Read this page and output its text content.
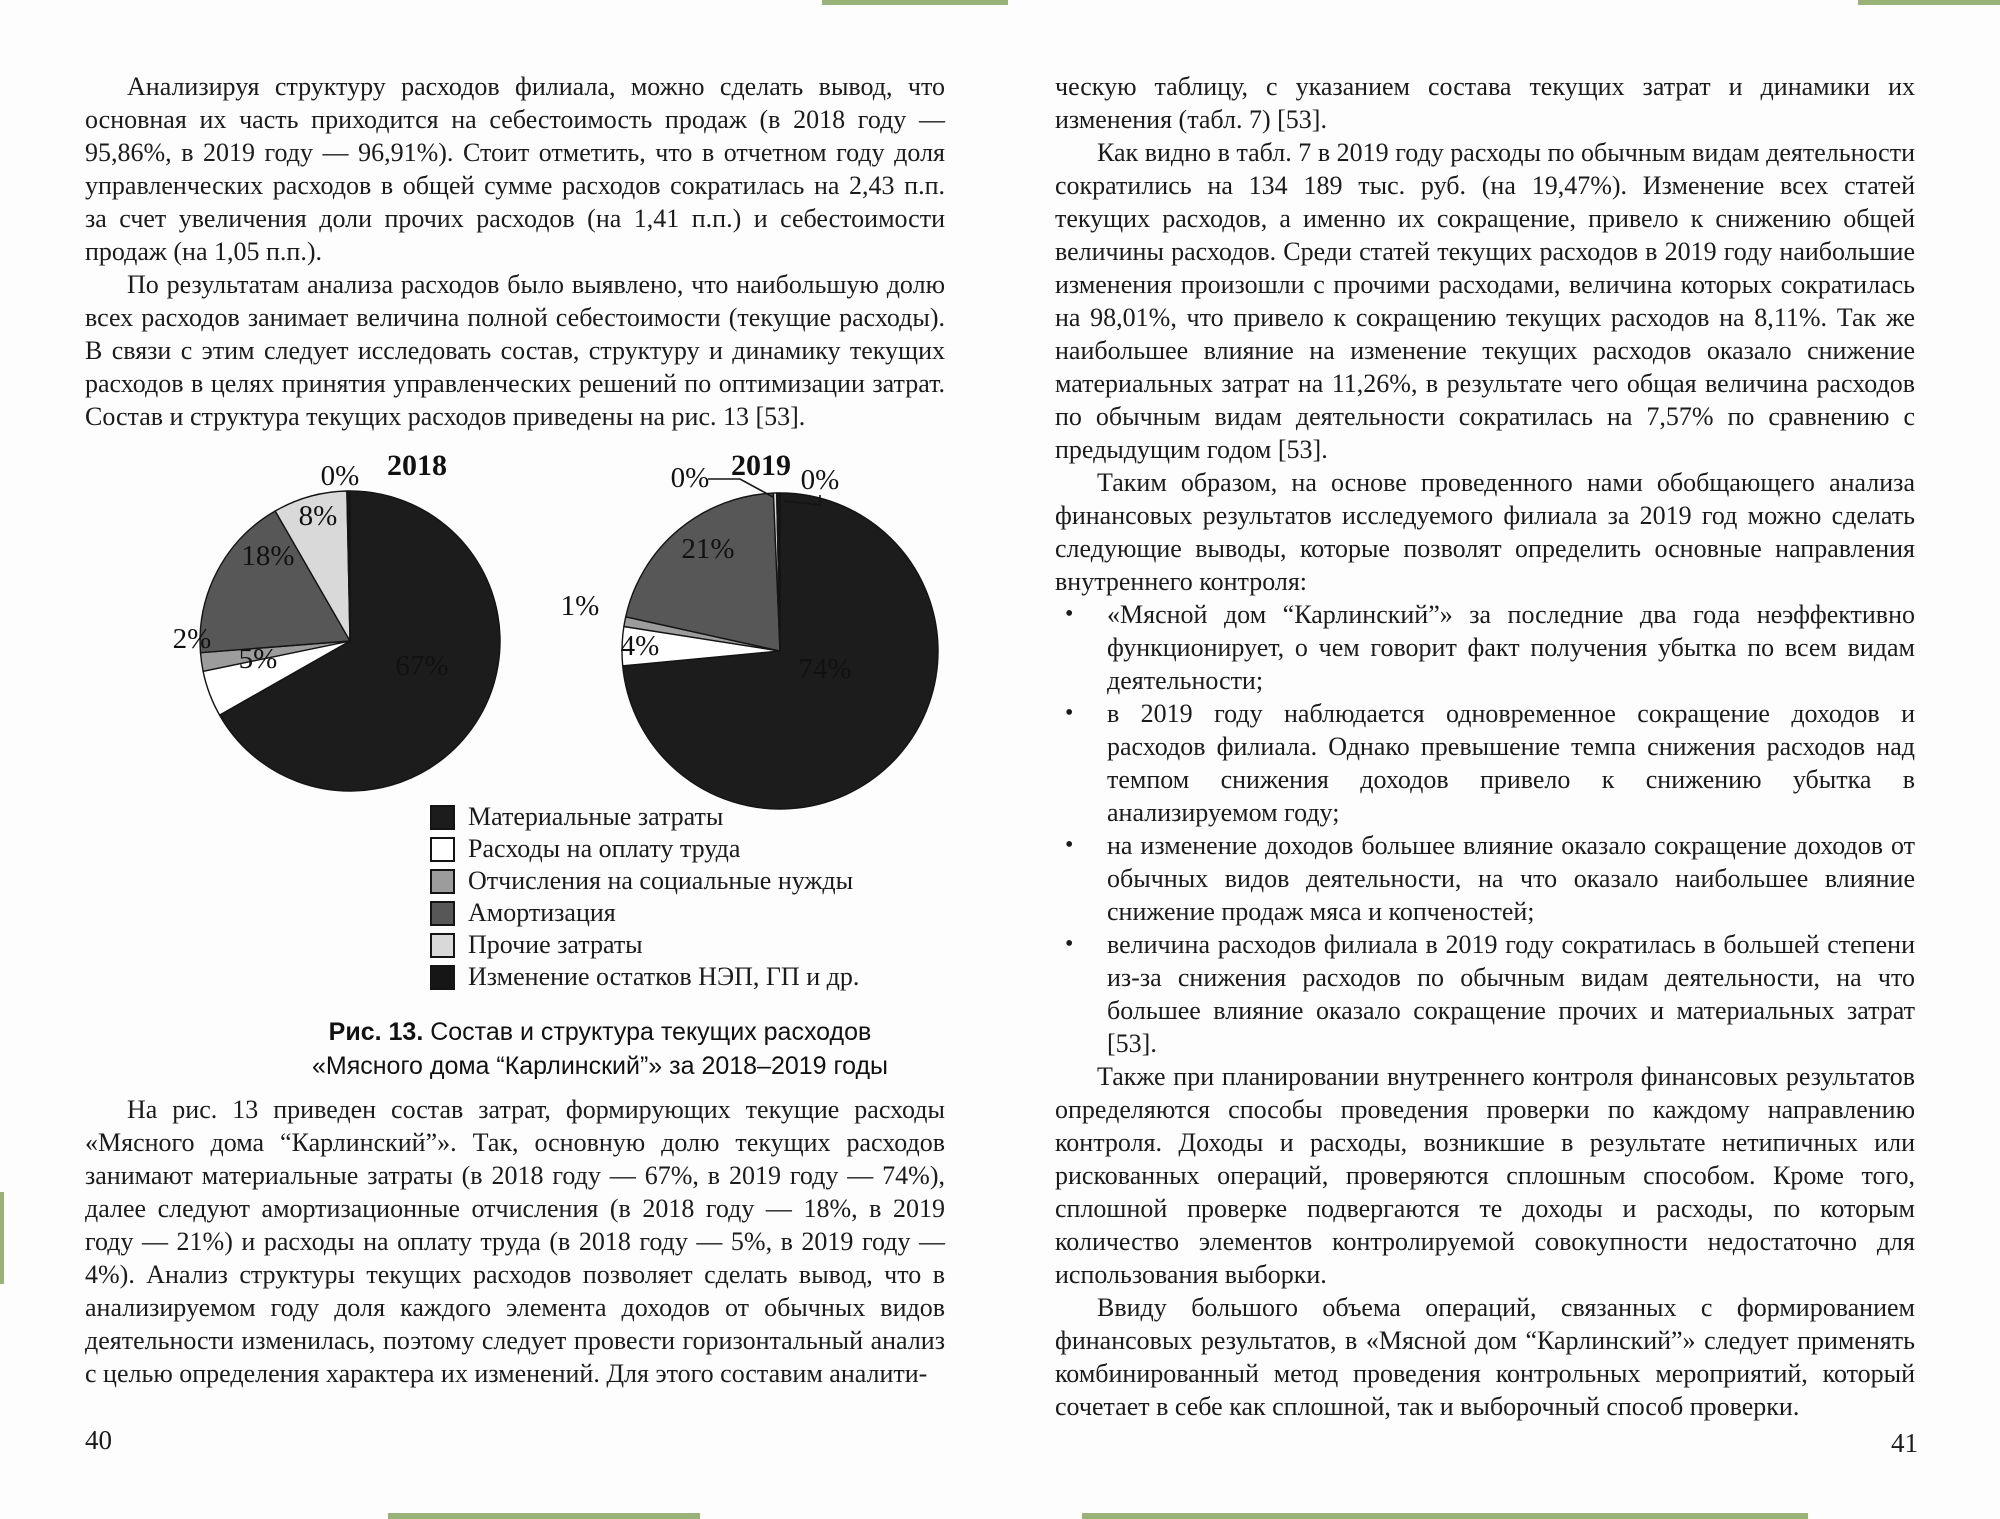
Анализируя структуру расходов филиала, можно сделать вывод, что основная их часть приходится на себестоимость продаж (в 2018 году — 95,86%, в 2019 году — 96,91%). Стоит отметить, что в отчетном году доля управленческих расходов в общей сумме расходов сократилась на 2,43 п.п. за счет увеличения доли прочих расходов (на 1,41 п.п.) и себестоимости продаж (на 1,05 п.п.).

По результатам анализа расходов было выявлено, что наибольшую долю всех расходов занимает величина полной себестоимости (текущие расходы). В связи с этим следует исследовать состав, структуру и динамику текущих расходов в целях принятия управленческих решений по оптимизации затрат. Состав и структура текущих расходов приведены на рис. 13 [53].

2018
67%
5%
2%
18%
8%
0%	2019
74%
4%
1%
21%
0%	0%
Материальные затраты
Расходы на оплату труда
Отчисления на социальные нужды
Амортизация
Прочие затраты
Изменение остатков НЭП, ГП и др.
Рис. 13. Состав и структура текущих расходов
«Мясного дома “Карлинский”» за 2018–2019 годы

На рис. 13 приведен состав затрат, формирующих текущие расходы «Мясного дома “Карлинский”». Так, основную долю текущих расходов занимают материальные затраты (в 2018 году — 67%, в 2019 году — 74%), далее следуют амортизационные отчисления (в 2018 году — 18%, в 2019 году — 21%) и расходы на оплату труда (в 2018 году — 5%, в 2019 году — 4%). Анализ структуры текущих расходов позволяет сделать вывод, что в анализируемом году доля каждого элемента доходов от обычных видов деятельности изменилась, поэтому следует провести горизонтальный анализ с целью определения характера их изменений. Для этого составим аналити-

40

ческую таблицу, с указанием состава текущих затрат и динамики их изменения (табл. 7) [53].

Как видно в табл. 7 в 2019 году расходы по обычным видам деятельности сократились на 134 189 тыс. руб. (на 19,47%). Изменение всех статей текущих расходов, а именно их сокращение, привело к снижению общей величины расходов. Среди статей текущих расходов в 2019 году наибольшие изменения произошли с прочими расходами, величина которых сократилась на 98,01%, что привело к сокращению текущих расходов на 8,11%. Так же наибольшее влияние на изменение текущих расходов оказало снижение материальных затрат на 11,26%, в результате чего общая величина расходов по обычным видам деятельности сократилась на 7,57% по сравнению с предыдущим годом [53].

Таким образом, на основе проведенного нами обобщающего анализа финансовых результатов исследуемого филиала за 2019 год можно сделать следующие выводы, которые позволят определить основные направления внутреннего контроля:

• «Мясной дом “Карлинский”» за последние два года неэффективно функционирует, о чем говорит факт получения убытка по всем видам деятельности;
• в 2019 году наблюдается одновременное сокращение доходов и расходов филиала. Однако превышение темпа снижения расходов над темпом снижения доходов привело к снижению убытка в анализируемом году;
• на изменение доходов большее влияние оказало сокращение доходов от обычных видов деятельности, на что оказало наибольшее влияние снижение продаж мяса и копченостей;
• величина расходов филиала в 2019 году сократилась в большей степени из-за снижения расходов по обычным видам деятельности, на что большее влияние оказало сокращение прочих и материальных затрат [53].

Также при планировании внутреннего контроля финансовых результатов определяются способы проведения проверки по каждому направлению контроля. Доходы и расходы, возникшие в результате нетипичных или рискованных операций, проверяются сплошным способом. Кроме того, сплошной проверке подвергаются те доходы и расходы, по которым количество элементов контролируемой совокупности недостаточно для использования выборки.

Ввиду большого объема операций, связанных с формированием финансовых результатов, в «Мясной дом “Карлинский”» следует применять комбинированный метод проведения контрольных мероприятий, который сочетает в себе как сплошной, так и выборочный способ проверки.

41
